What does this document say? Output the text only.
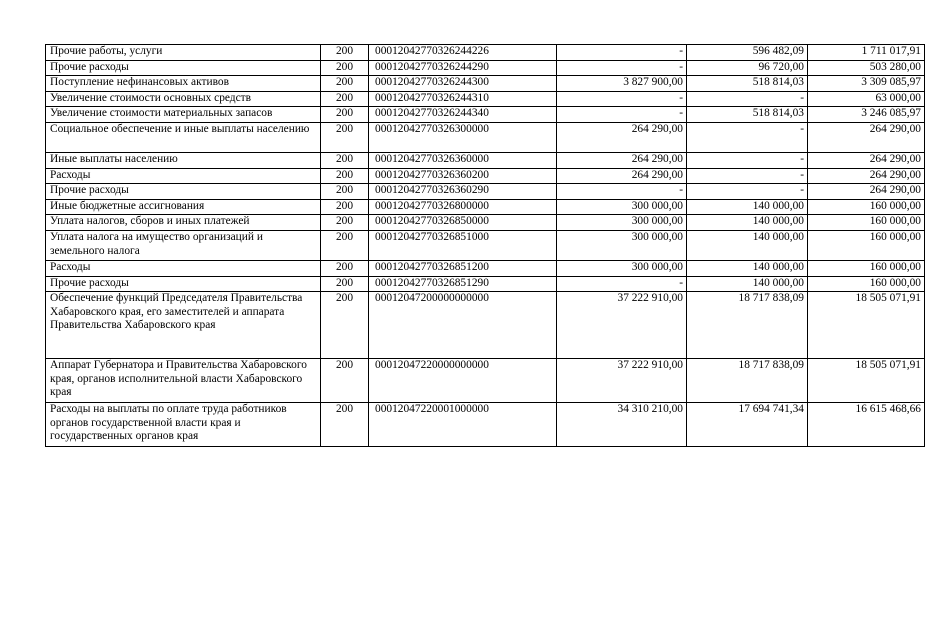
Прочие работы, услуги	200	00012042770326244226	-	596 482,09	1 711 017,91
Прочие расходы	200	00012042770326244290	-	96 720,00	503 280,00
Поступление нефинансовых активов	200	00012042770326244300	3 827 900,00	518 814,03	3 309 085,97
Увеличение стоимости основных средств	200	00012042770326244310	-	-	63 000,00
Увеличение стоимости материальных запасов	200	00012042770326244340	-	518 814,03	3 246 085,97
Социальное обеспечение и иные выплаты населению	200	00012042770326300000	264 290,00	-	264 290,00
Иные выплаты населению	200	00012042770326360000	264 290,00	-	264 290,00
Расходы	200	00012042770326360200	264 290,00	-	264 290,00
Прочие расходы	200	00012042770326360290	-	-	264 290,00
Иные бюджетные ассигнования	200	00012042770326800000	300 000,00	140 000,00	160 000,00
Уплата налогов, сборов и иных платежей	200	00012042770326850000	300 000,00	140 000,00	160 000,00
Уплата налога на имущество организаций и земельного налога	200	00012042770326851000	300 000,00	140 000,00	160 000,00
Расходы	200	00012042770326851200	300 000,00	140 000,00	160 000,00
Прочие расходы	200	00012042770326851290	-	140 000,00	160 000,00
Обеспечение функций Председателя Правительства Хабаровского края, его заместителей и аппарата Правительства Хабаровского края	200	00012047200000000000	37 222 910,00	18 717 838,09	18 505 071,91
Аппарат Губернатора и Правительства Хабаровского края, органов исполнительной власти Хабаровского края	200	00012047220000000000	37 222 910,00	18 717 838,09	18 505 071,91
Расходы на выплаты по оплате труда работников органов государственной власти края и государственных органов края	200	00012047220001000000	34 310 210,00	17 694 741,34	16 615 468,66
